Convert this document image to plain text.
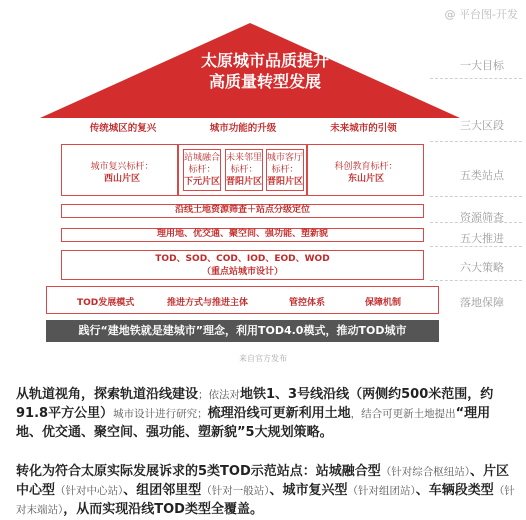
@ 平台图-开发
太原城市品质提升
高质量转型发展
一大目标
三大区段
五类站点
资源筛查
五大推进
六大策略
落地保障
传统城区的复兴	城市功能的升级	未来城市的引领
城市复兴标杆：
西山片区
站城融合
标杆：
下元片区
未来邻里
标杆：
晋阳片区
城市客厅
标杆：
晋阳片区
科创教育标杆：
东山片区
沿线土地资源筛查＋站点分级定位
理用地、优交通、聚空间、强功能、塑新貌
TOD、SOD、COD、IOD、EOD、WOD
（重点站城市设计）
TOD发展模式	推进方式与推进主体	管控体系	保障机制
践行“建地铁就是建城市”理念，利用TOD4.0模式，推动TOD城市
来自官方发布
从轨道视角，探索轨道沿线建设；依法对地铁1、3号线沿线（两侧约500米范围，约91.8平方公里）城市设计进行研究；梳理沿线可更新利用土地，结合可更新土地提出“理用地、优交通、聚空间、强功能、塑新貌”5大规划策略。
转化为符合太原实际发展诉求的5类TOD示范站点：站城融合型（针对综合枢纽站）、片区中心型（针对中心站）、组团邻里型（针对一般站）、城市复兴型（针对组团站）、车辆段类型（针对末端站），从而实现沿线TOD类型全覆盖。
